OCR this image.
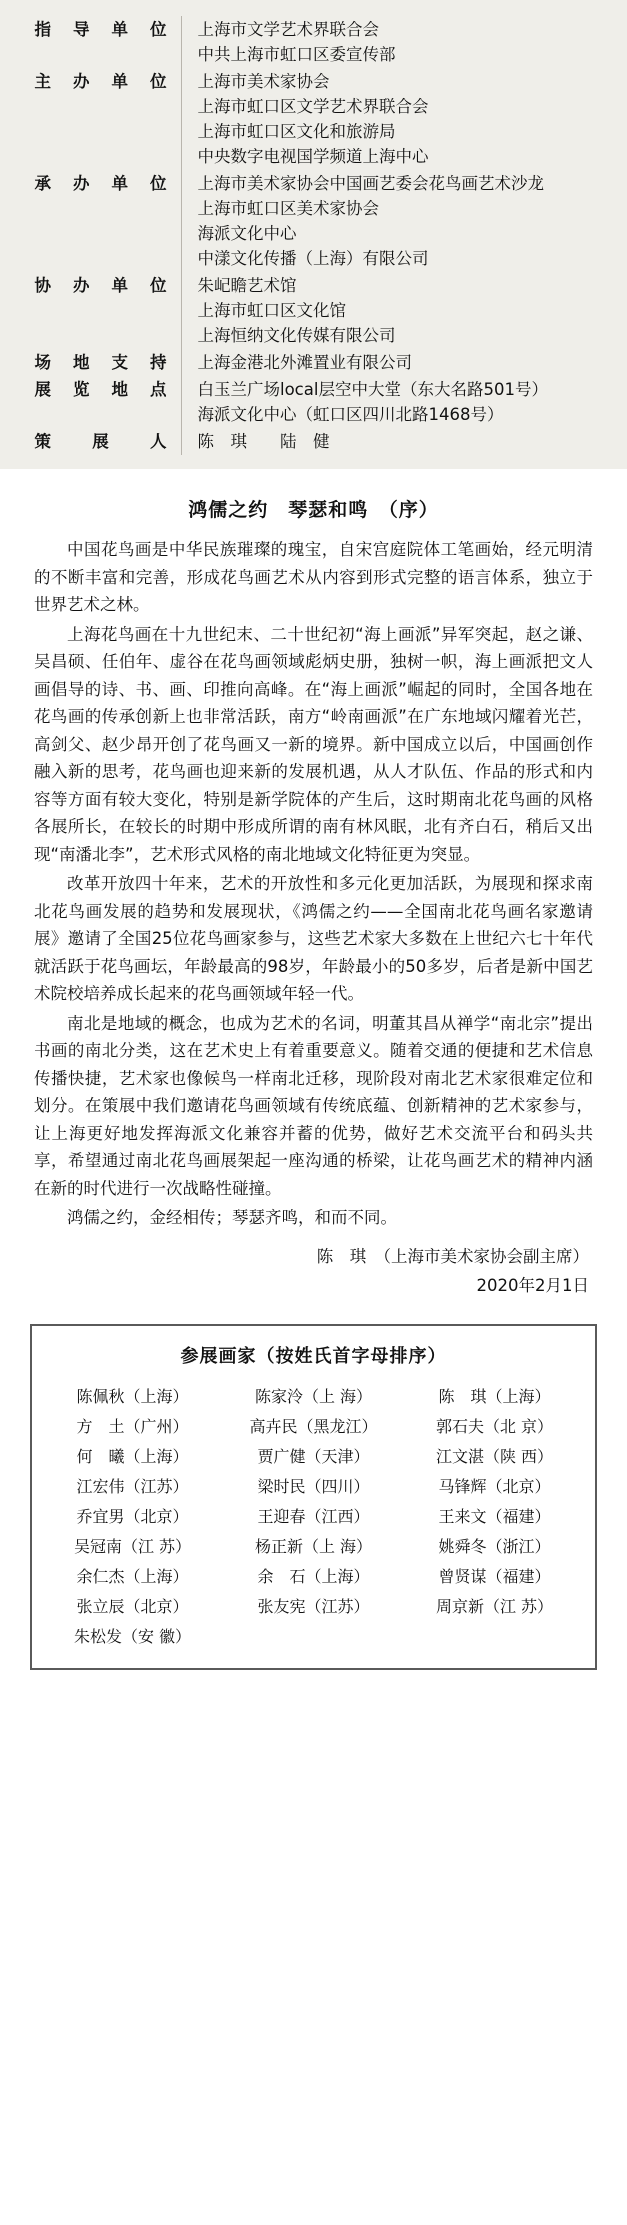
指导单位	上海市文学艺术界联合会
中共上海市虹口区委宣传部

主办单位	上海市美术家协会
上海市虹口区文学艺术界联合会
上海市虹口区文化和旅游局
中央数字电视国学频道上海中心

承办单位	上海市美术家协会中国画艺委会花鸟画艺术沙龙
上海市虹口区美术家协会
海派文化中心
中漾文化传播（上海）有限公司

协办单位	朱屺瞻艺术馆
上海市虹口区文化馆
上海恒纳文化传媒有限公司

场地支持	上海金港北外滩置业有限公司

展览地点	白玉兰广场local层空中大堂（东大名路501号）
海派文化中心（虹口区四川北路1468号）

策 展 人	陈　琪　　陆　健
鸿儒之约　琴瑟和鸣　（序）

中国花鸟画是中华民族璀璨的瑰宝，自宋宫庭院体工笔画始，经元明清的不断丰富和完善，形成花鸟画艺术从内容到形式完整的语言体系，独立于世界艺术之林。

上海花鸟画在十九世纪末、二十世纪初“海上画派”异军突起，赵之谦、吴昌硕、任伯年、虚谷在花鸟画领域彪炳史册，独树一帜，海上画派把文人画倡导的诗、书、画、印推向高峰。在“海上画派”崛起的同时，全国各地在花鸟画的传承创新上也非常活跃，南方“岭南画派”在广东地域闪耀着光芒，高剑父、赵少昂开创了花鸟画又一新的境界。新中国成立以后，中国画创作融入新的思考，花鸟画也迎来新的发展机遇，从人才队伍、作品的形式和内容等方面有较大变化，特别是新学院体的产生后，这时期南北花鸟画的风格各展所长，在较长的时期中形成所谓的南有林风眠，北有齐白石，稍后又出现“南潘北李”，艺术形式风格的南北地域文化特征更为突显。

改革开放四十年来，艺术的开放性和多元化更加活跃，为展现和探求南北花鸟画发展的趋势和发展现状，《鸿儒之约——全国南北花鸟画名家邀请展》邀请了全国25位花鸟画家参与，这些艺术家大多数在上世纪六七十年代就活跃于花鸟画坛，年龄最高的98岁，年龄最小的50多岁，后者是新中国艺术院校培养成长起来的花鸟画领域年轻一代。

南北是地域的概念，也成为艺术的名词，明董其昌从禅学“南北宗”提出书画的南北分类，这在艺术史上有着重要意义。随着交通的便捷和艺术信息传播快捷，艺术家也像候鸟一样南北迁移，现阶段对南北艺术家很难定位和划分。在策展中我们邀请花鸟画领域有传统底蕴、创新精神的艺术家参与，让上海更好地发挥海派文化兼容并蓄的优势，做好艺术交流平台和码头共享，希望通过南北花鸟画展架起一座沟通的桥梁，让花鸟画艺术的精神内涵在新的时代进行一次战略性碰撞。

鸿儒之约，金经相传；琴瑟齐鸣，和而不同。

陈　琪　（上海市美术家协会副主席）
2020年2月1日
参展画家（按姓氏首字母排序）
陈佩秋（上海）	陈家泠（上 海）	陈　琪（上海）
方　土（广州）	高卉民（黑龙江）	郭石夫（北 京）
何　曦（上海）	贾广健（天津）	江文湛（陕 西）
江宏伟（江苏）	梁时民（四川）	马锋辉（北京）
乔宜男（北京）	王迎春（江西）	王来文（福建）
吴冠南（江 苏）	杨正新（上 海）	姚舜冬（浙江）
余仁杰（上海）	余　石（上海）	曾贤谋（福建）
张立辰（北京）	张友宪（江苏）	周京新（江 苏）
朱松发（安 徽）		
